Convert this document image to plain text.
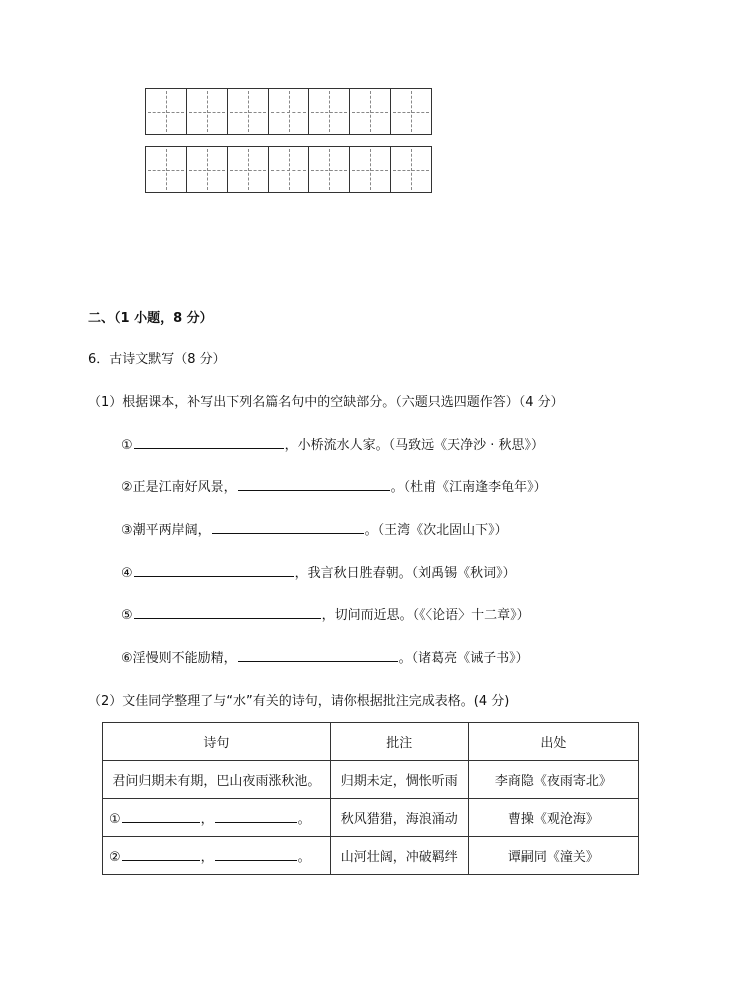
二、（1 小题，8 分）
6．古诗文默写（8 分）
（1）根据课本，补写出下列名篇名句中的空缺部分。（六题只选四题作答）（4 分）
①	，小桥流水人家。（马致远《天净沙 · 秋思》）
②正是江南好风景，	。（杜甫《江南逢李龟年》）
③潮平两岸阔，	。（王湾《次北固山下》）
④	，我言秋日胜春朝。（刘禹锡《秋词》）
⑤	，切问而近思。（《〈论语〉十二章》）
⑥淫慢则不能励精，	。（诸葛亮《诫子书》）
（2）文佳同学整理了与“水”有关的诗句，请你根据批注完成表格。(4 分)
诗句	批注	出处
君问归期未有期，巴山夜雨涨秋池。	归期未定，惆怅听雨	李商隐《夜雨寄北》
① ， 。	秋风猎猎，海浪涌动	曹操《观沧海》
② ， 。	山河壮阔，冲破羁绊	谭嗣同《潼关》
